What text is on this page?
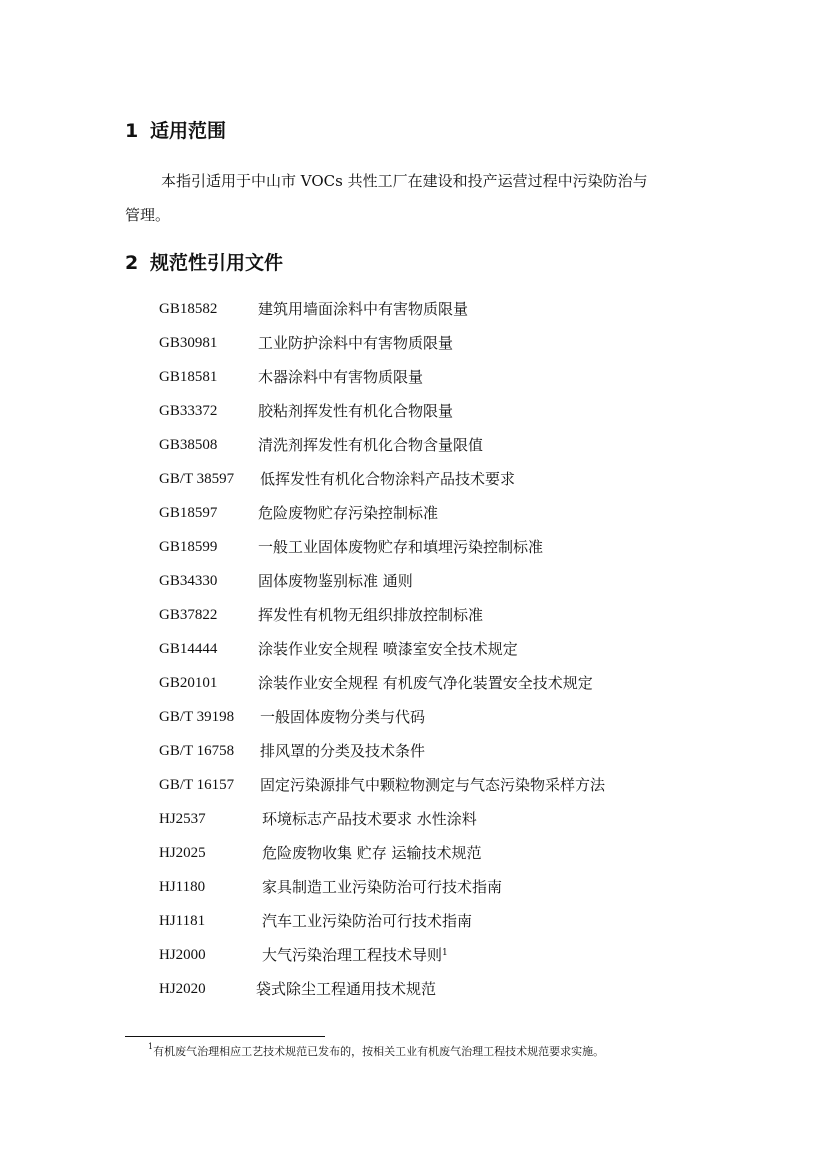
1 适用范围
本指引适用于中山市 VOCs 共性工厂在建设和投产运营过程中污染防治与
管理。
2 规范性引用文件
GB18582	建筑用墙面涂料中有害物质限量
GB30981	工业防护涂料中有害物质限量
GB18581	木器涂料中有害物质限量
GB33372	胶粘剂挥发性有机化合物限量
GB38508	清洗剂挥发性有机化合物含量限值
GB/T 38597 低挥发性有机化合物涂料产品技术要求
GB18597	危险废物贮存污染控制标准
GB18599	一般工业固体废物贮存和填埋污染控制标准
GB34330	固体废物鉴别标准 通则
GB37822	挥发性有机物无组织排放控制标准
GB14444	涂装作业安全规程 喷漆室安全技术规定
GB20101	涂装作业安全规程 有机废气净化装置安全技术规定
GB/T 39198 一般固体废物分类与代码
GB/T 16758 排风罩的分类及技术条件
GB/T 16157 固定污染源排气中颗粒物测定与气态污染物采样方法
HJ2537	环境标志产品技术要求 水性涂料
HJ2025	危险废物收集 贮存 运输技术规范
HJ1180	家具制造工业污染防治可行技术指南
HJ1181	汽车工业污染防治可行技术指南
HJ2000	大气污染治理工程技术导则$^1$
HJ2020	袋式除尘工程通用技术规范
$^1$有机废气治理相应工艺技术规范已发布的，按相关工业有机废气治理工程技术规范要求实施。
